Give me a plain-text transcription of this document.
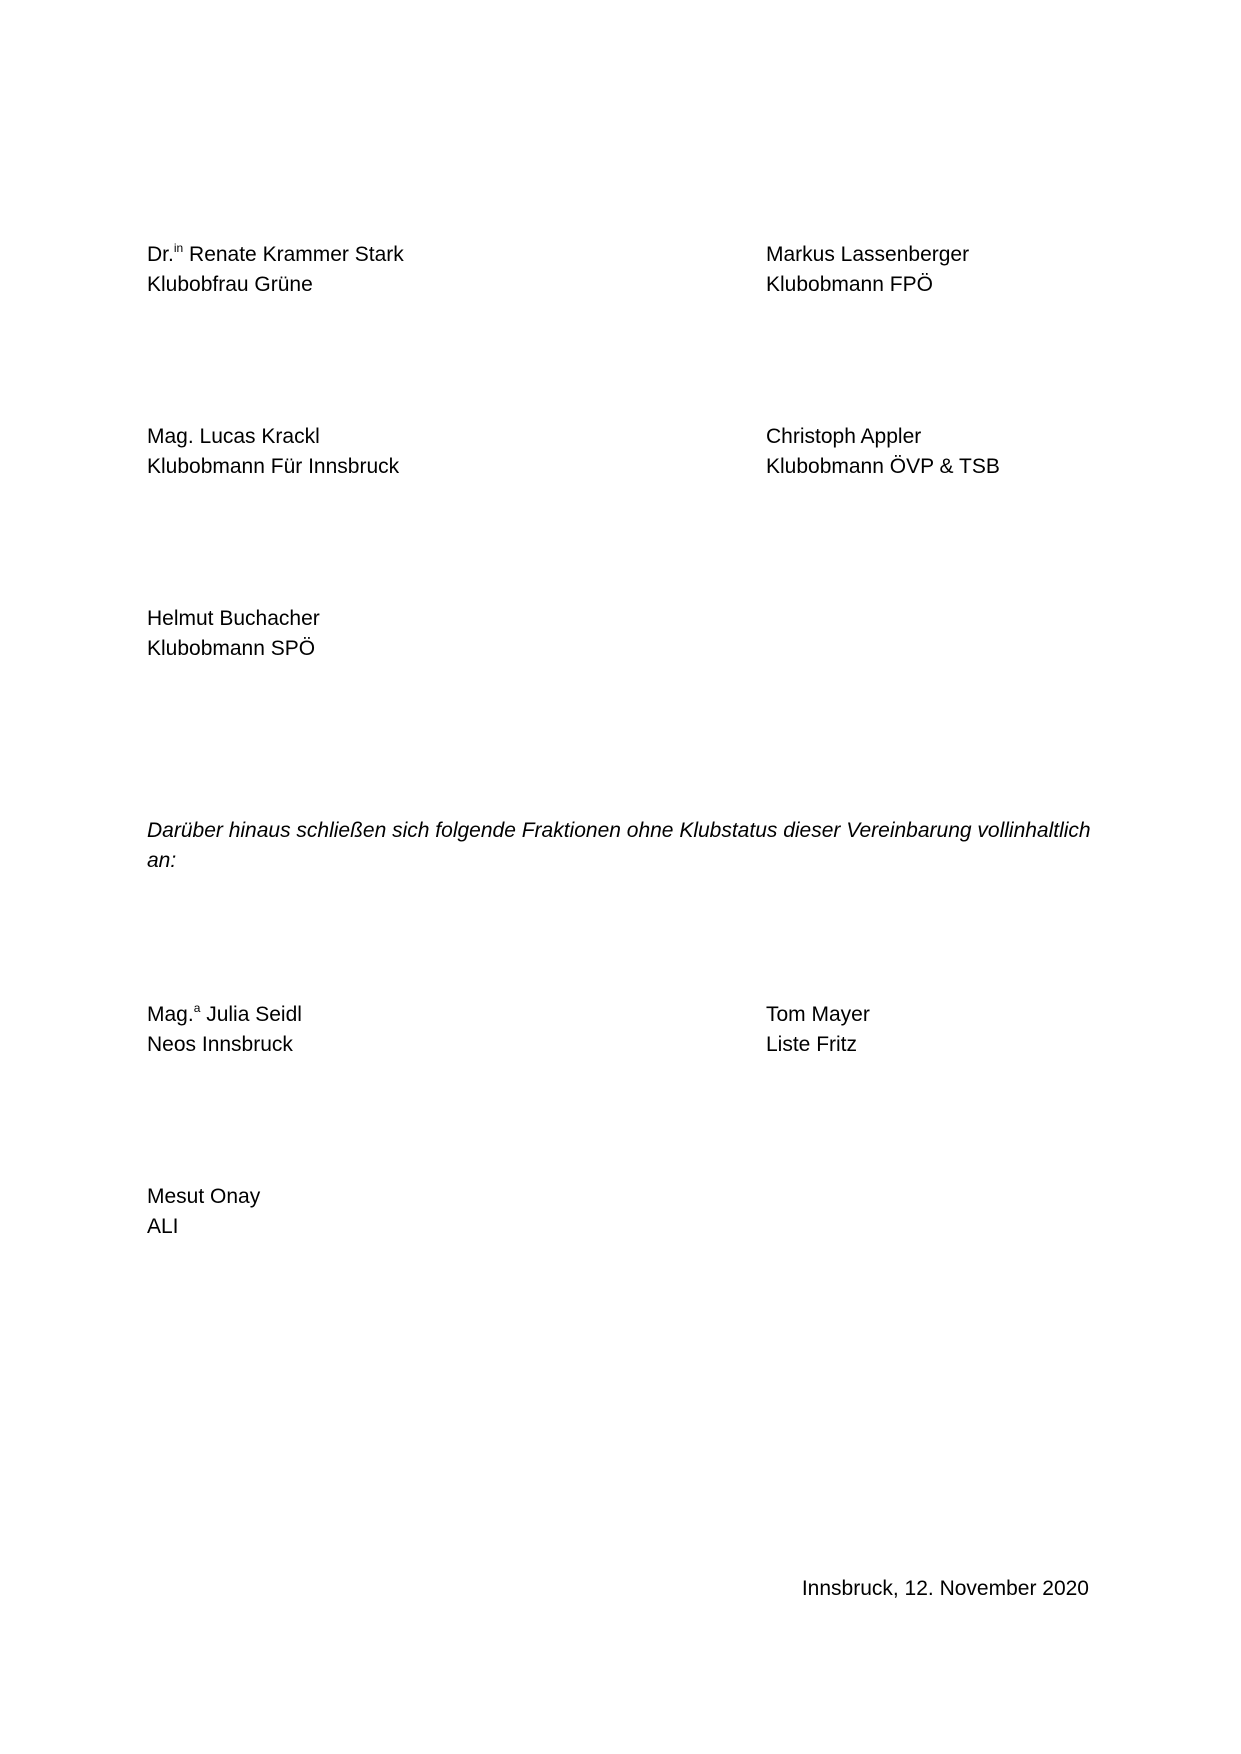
Dr.$^{in}$ Renate Krammer Stark
Klubobfrau Grüne
Markus Lassenberger
Klubobmann FPÖ
Mag. Lucas Krackl
Klubobmann Für Innsbruck
Christoph Appler
Klubobmann ÖVP & TSB
Helmut Buchacher
Klubobmann SPÖ
Darüber hinaus schließen sich folgende Fraktionen ohne Klubstatus dieser Vereinbarung vollinhaltlich an:
Mag.$^a$ Julia Seidl
Neos Innsbruck
Tom Mayer
Liste Fritz
Mesut Onay
ALI
Innsbruck, 12. November 2020
